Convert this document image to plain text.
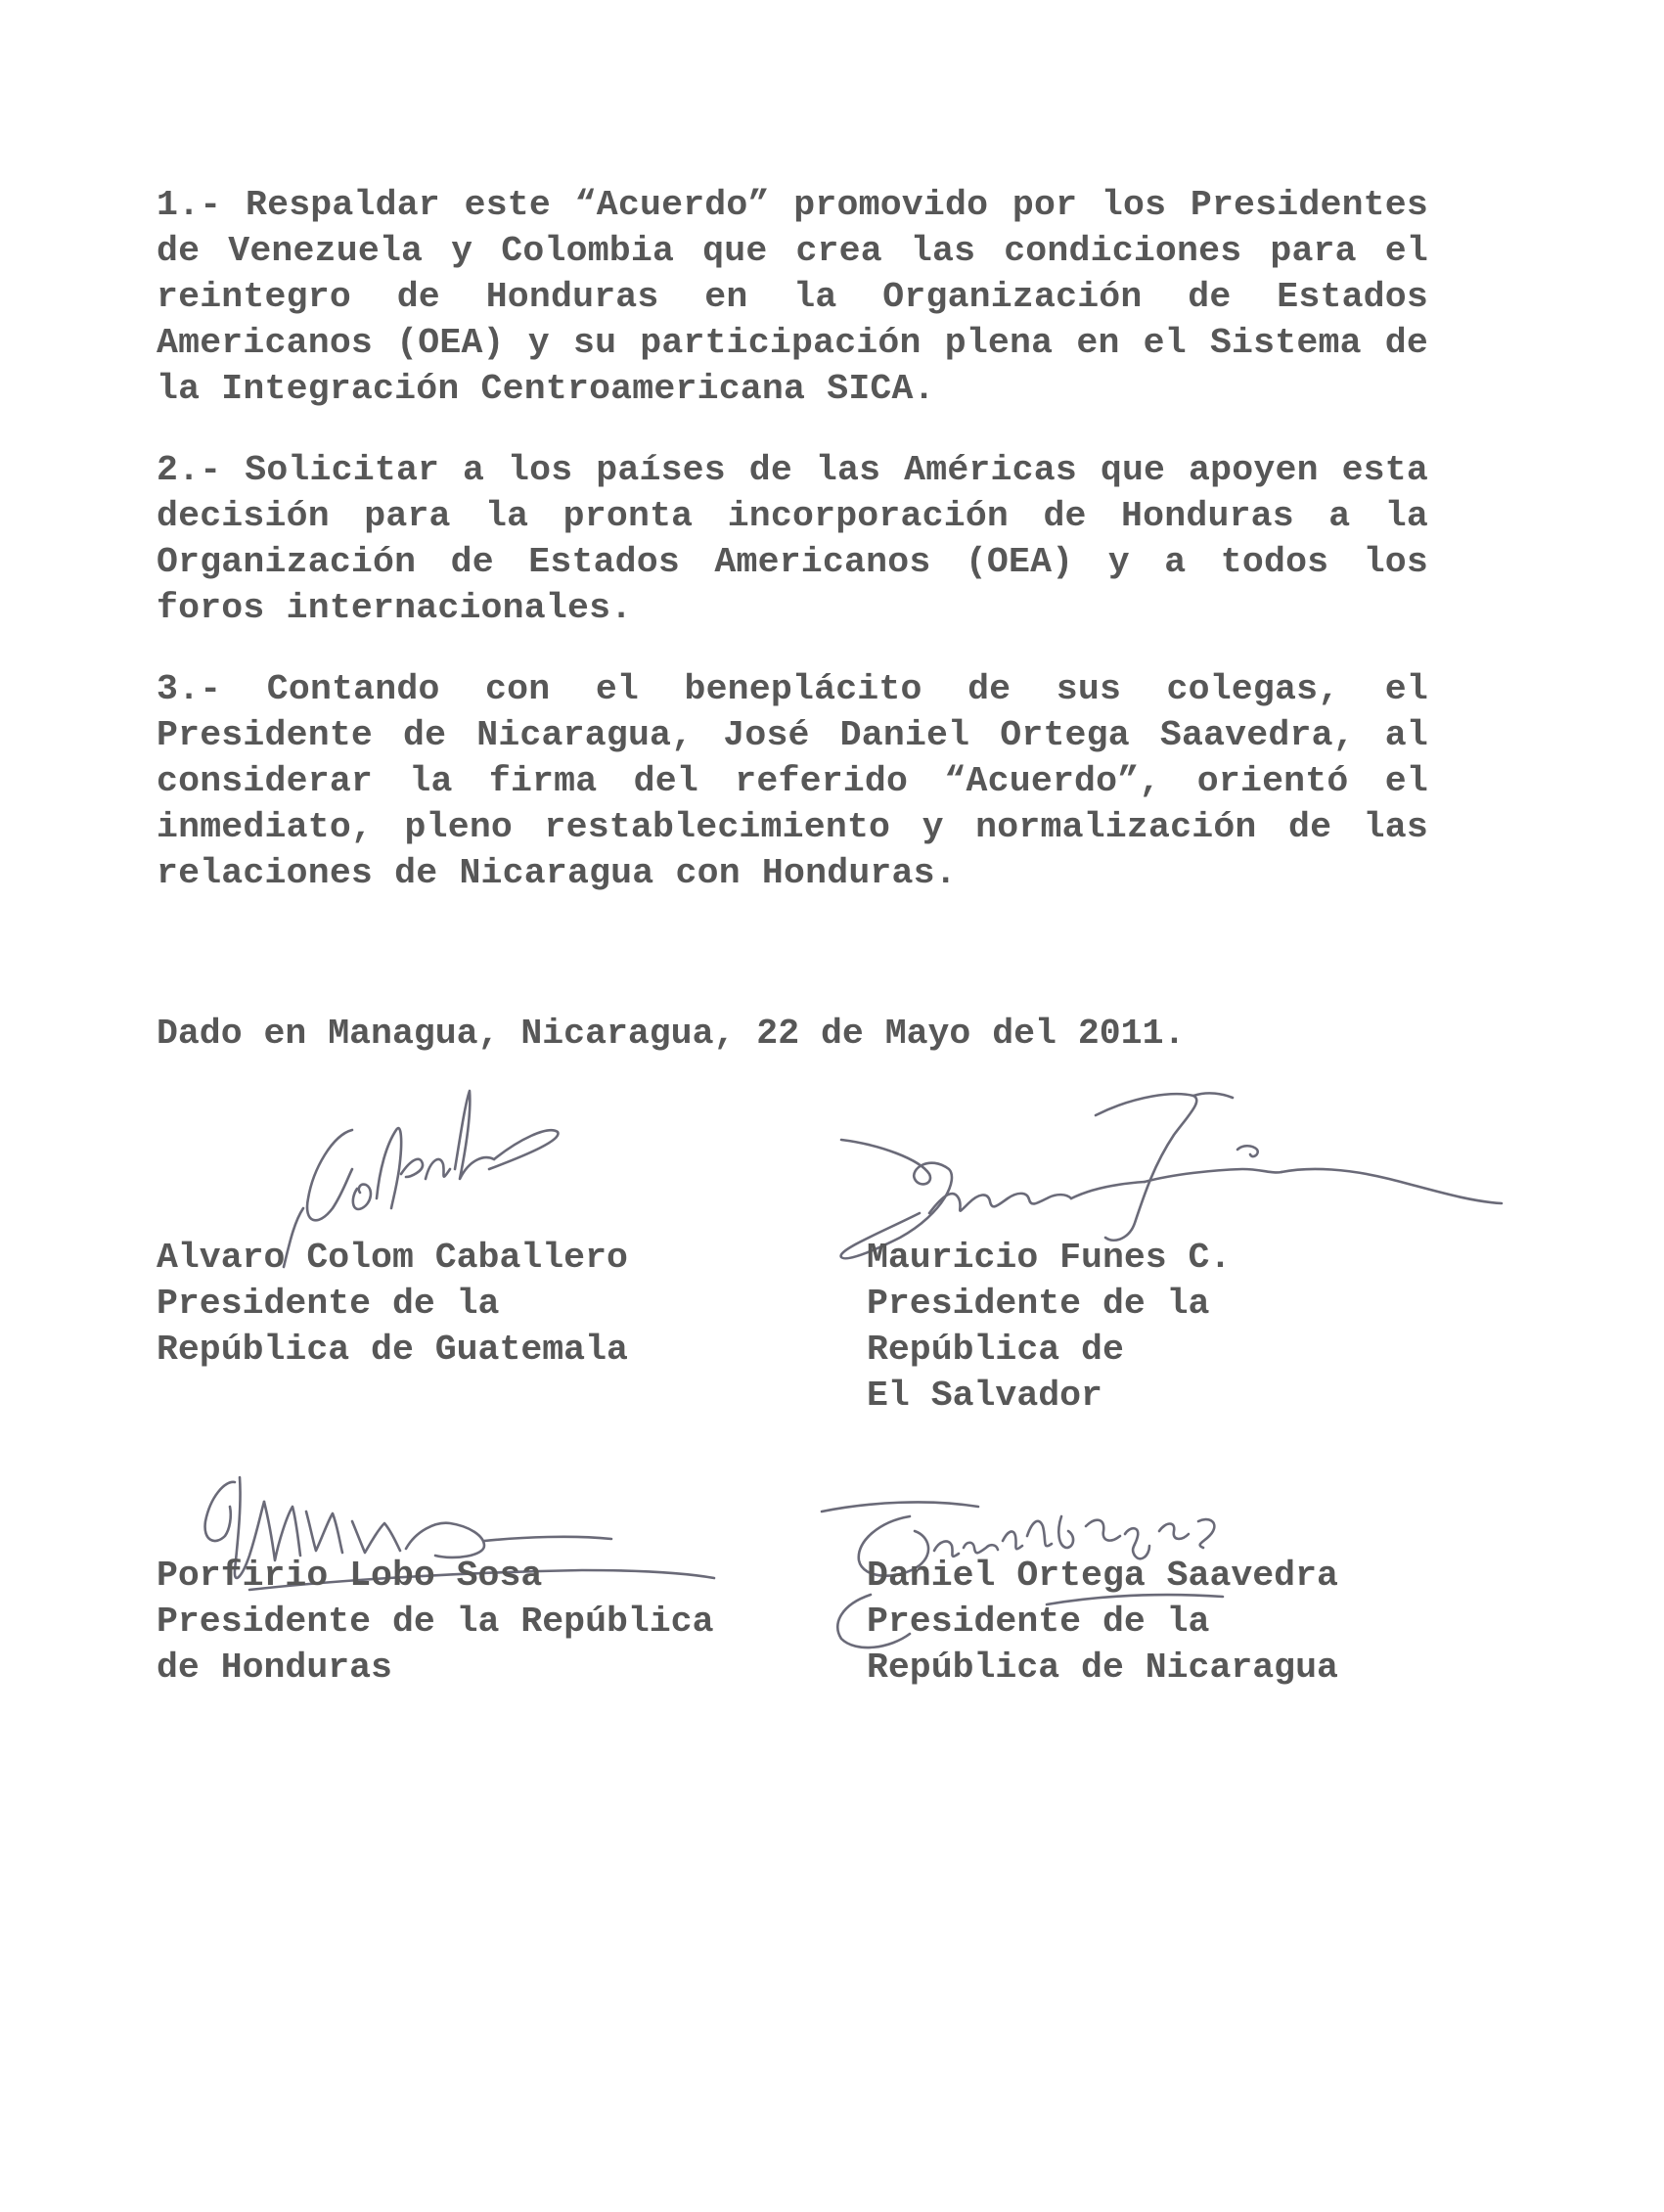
1.- Respaldar este “Acuerdo” promovido por los Presidentes de Venezuela y Colombia que crea las condiciones para el reintegro de Honduras en la Organización de Estados Americanos (OEA) y su participación plena en el Sistema de la Integración Centroamericana SICA.

2.- Solicitar a los países de las Américas que apoyen esta decisión para la pronta incorporación de Honduras a la Organización de Estados Americanos (OEA) y a todos los foros internacionales.

3.- Contando con el beneplácito de sus colegas, el Presidente de Nicaragua, José Daniel Ortega Saavedra, al considerar la firma del referido “Acuerdo”, orientó el inmediato, pleno restablecimiento y normalización de las relaciones de Nicaragua con Honduras.

Dado en Managua, Nicaragua, 22 de Mayo del 2011.
Alvaro Colom Caballero
Presidente de la
República de Guatemala
Mauricio Funes C.
Presidente de la
República de
El Salvador
Porfirio Lobo Sosa
Presidente de la República
de Honduras
Daniel Ortega Saavedra
Presidente de la
República de Nicaragua
